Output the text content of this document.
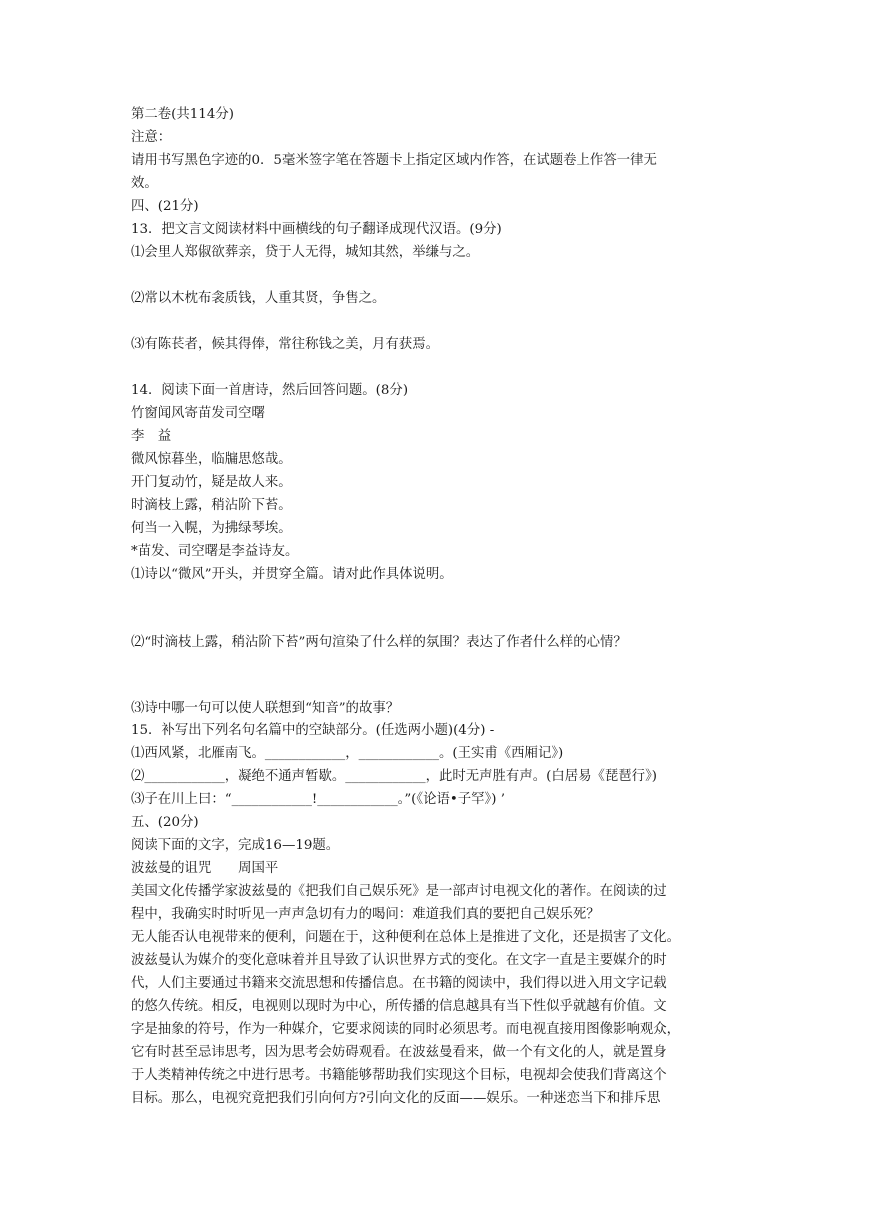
第二卷(共114分)
注意：
请用书写黑色字迹的0．5毫米签字笔在答题卡上指定区域内作答，在试题卷上作答一律无
效。
四、(21分)
13．把文言文阅读材料中画横线的句子翻译成现代汉语。(9分)
⑴会里人郑俶欲葬亲，贷于人无得，城知其然，举缣与之。
⑵常以木枕布衾质钱，人重其贤，争售之。
⑶有陈苌者，候其得俸，常往称钱之美，月有获焉。
14．阅读下面一首唐诗，然后回答问题。(8分)
竹窗闻风寄苗发司空曙
李　益
微风惊暮坐，临牖思悠哉。
开门复动竹，疑是故人来。
时滴枝上露，稍沾阶下苔。
何当一入幌，为拂绿琴埃。
*苗发、司空曙是李益诗友。
⑴诗以“微风”开头，并贯穿全篇。请对此作具体说明。
⑵“时滴枝上露，稍沾阶下苔”两句渲染了什么样的氛围？表达了作者什么样的心情？
⑶诗中哪一句可以使人联想到“知音”的故事？
15．补写出下列名句名篇中的空缺部分。(任选两小题)(4分) -
⑴西风紧，北雁南飞。____________，____________。(王实甫《西厢记》)
⑵____________，凝绝不通声暂歇。____________，此时无声胜有声。(白居易《琵琶行》)
⑶子在川上曰：“____________!____________。”(《论语•子罕》) ’
五、(20分)
阅读下面的文字，完成16—19题。
波兹曼的诅咒　　周国平
美国文化传播学家波兹曼的《把我们自己娱乐死》是一部声讨电视文化的著作。在阅读的过
程中，我确实时时听见一声声急切有力的喝问：难道我们真的要把自己娱乐死？
无人能否认电视带来的便利，问题在于，这种便利在总体上是推进了文化，还是损害了文化。
波兹曼认为媒介的变化意味着并且导致了认识世界方式的变化。在文字一直是主要媒介的时
代，人们主要通过书籍来交流思想和传播信息。在书籍的阅读中，我们得以进入用文字记载
的悠久传统。相反，电视则以现时为中心，所传播的信息越具有当下性似乎就越有价值。文
字是抽象的符号，作为一种媒介，它要求阅读的同时必须思考。而电视直接用图像影响观众，
它有时甚至忌讳思考，因为思考会妨碍观看。在波兹曼看来，做一个有文化的人，就是置身
于人类精神传统之中进行思考。书籍能够帮助我们实现这个目标，电视却会使我们背离这个
目标。那么，电视究竟把我们引向何方?引向文化的反面——娱乐。一种迷恋当下和排斥思
